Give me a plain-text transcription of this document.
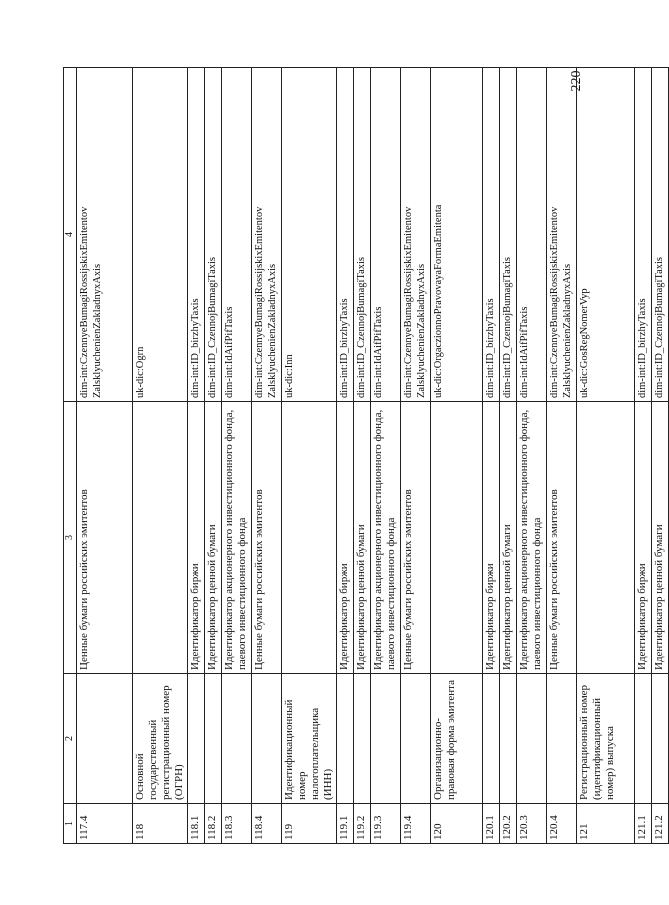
220
1	2	3	4
117.4		Ценные бумаги российских эмитентов	dim-int:CzennyeBumagiRossijskixEmitentov ZalsklyuchenienZakladnyxAxis
118	Основной государственный регистрационный номер (ОГРН)		uk-dic:Ogrn
118.1		Идентификатор биржи	dim-int:ID_birzhyTaxis
118.2		Идентификатор ценной бумаги	dim-int:ID_CzennojBumagiTaxis
118.3		Идентификатор акционерного инвестиционного фонда, паевого инвестиционного фонда	dim-int:IdAifPifTaxis
118.4		Ценные бумаги российских эмитентов	dim-int:CzennyeBumagiRossijskixEmitentov ZalsklyuchenienZakladnyxAxis
119	Идентификационный номер налогоплательщика (ИНН)		uk-dic:Inn
119.1		Идентификатор биржи	dim-int:ID_birzhyTaxis
119.2		Идентификатор ценной бумаги	dim-int:ID_CzennojBumagiTaxis
119.3		Идентификатор акционерного инвестиционного фонда, паевого инвестиционного фонда	dim-int:IdAifPifTaxis
119.4		Ценные бумаги российских эмитентов	dim-int:CzennyeBumagiRossijskixEmitentov ZalsklyuchenienZakladnyxAxis
120	Организационно-правовая форма эмитента		uk-dic:OrgaczionnoPravovayaFormaEmitenta
120.1		Идентификатор биржи	dim-int:ID_birzhyTaxis
120.2		Идентификатор ценной бумаги	dim-int:ID_CzennojBumagiTaxis
120.3		Идентификатор акционерного инвестиционного фонда, паевого инвестиционного фонда	dim-int:IdAifPifTaxis
120.4		Ценные бумаги российских эмитентов	dim-int:CzennyeBumagiRossijskixEmitentov ZalsklyuchenienZakladnyxAxis
121	Регистрационный номер (идентификационный номер) выпуска		uk-dic:GosRegNomerVyp
121.1		Идентификатор биржи	dim-int:ID_birzhyTaxis
121.2		Идентификатор ценной бумаги	dim-int:ID_CzennojBumagiTaxis
